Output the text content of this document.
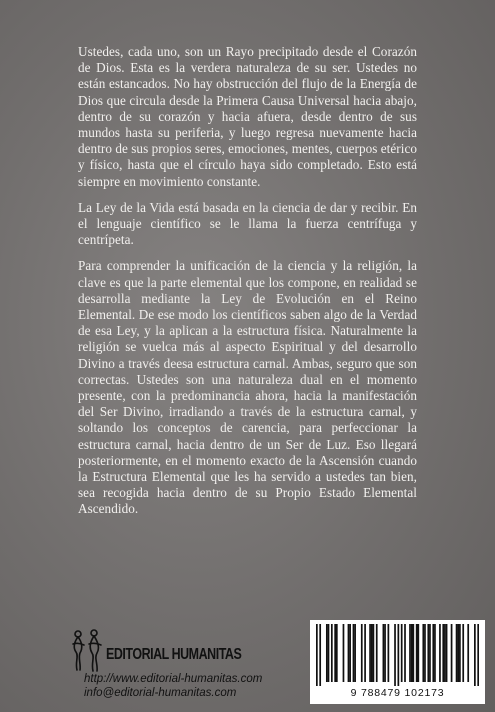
Ustedes, cada uno, son un Rayo precipitado desde el Corazón de Dios. Esta es la verdera naturaleza de su ser. Ustedes no están estancados. No hay obstrucción del flujo de la Energía de Dios que circula desde la Primera Causa Universal hacia abajo, dentro de su corazón y hacia afuera, desde dentro de sus mundos hasta su periferia, y luego regresa nuevamente hacia dentro de sus propios seres, emociones, mentes, cuerpos etérico y físico, hasta que el círculo haya sido completado. Esto está siempre en movimiento constante.

La Ley de la Vida está basada en la ciencia de dar y recibir. En el lenguaje científico se le llama la fuerza centrífuga y centrípeta.

Para comprender la unificación de la ciencia y la religión, la clave es que la parte elemental que los compone, en realidad se desarrolla mediante la Ley de Evolución en el Reino Elemental. De ese modo los científicos saben algo de la Verdad de esa Ley, y la aplican a la estructura física. Naturalmente la religión se vuelca más al aspecto Espiritual y del desarrollo Divino a través deesa estructura carnal. Ambas, seguro que son correctas. Ustedes son una naturaleza dual en el momento presente, con la predominancia ahora, hacia la manifestación del Ser Divino, irradiando a través de la estructura carnal, y soltando los conceptos de carencia, para perfeccionar la estructura carnal, hacia dentro de un Ser de Luz. Eso llegará posteriormente, en el momento exacto de la Ascensión cuando la Estructura Elemental que les ha servido a ustedes tan bien, sea recogida hacia dentro de su Propio Estado Elemental Ascendido.

EDITORIAL HUMANITAS
http://www.editorial-humanitas.com
info@editorial-humanitas.com	9 788479 102173
